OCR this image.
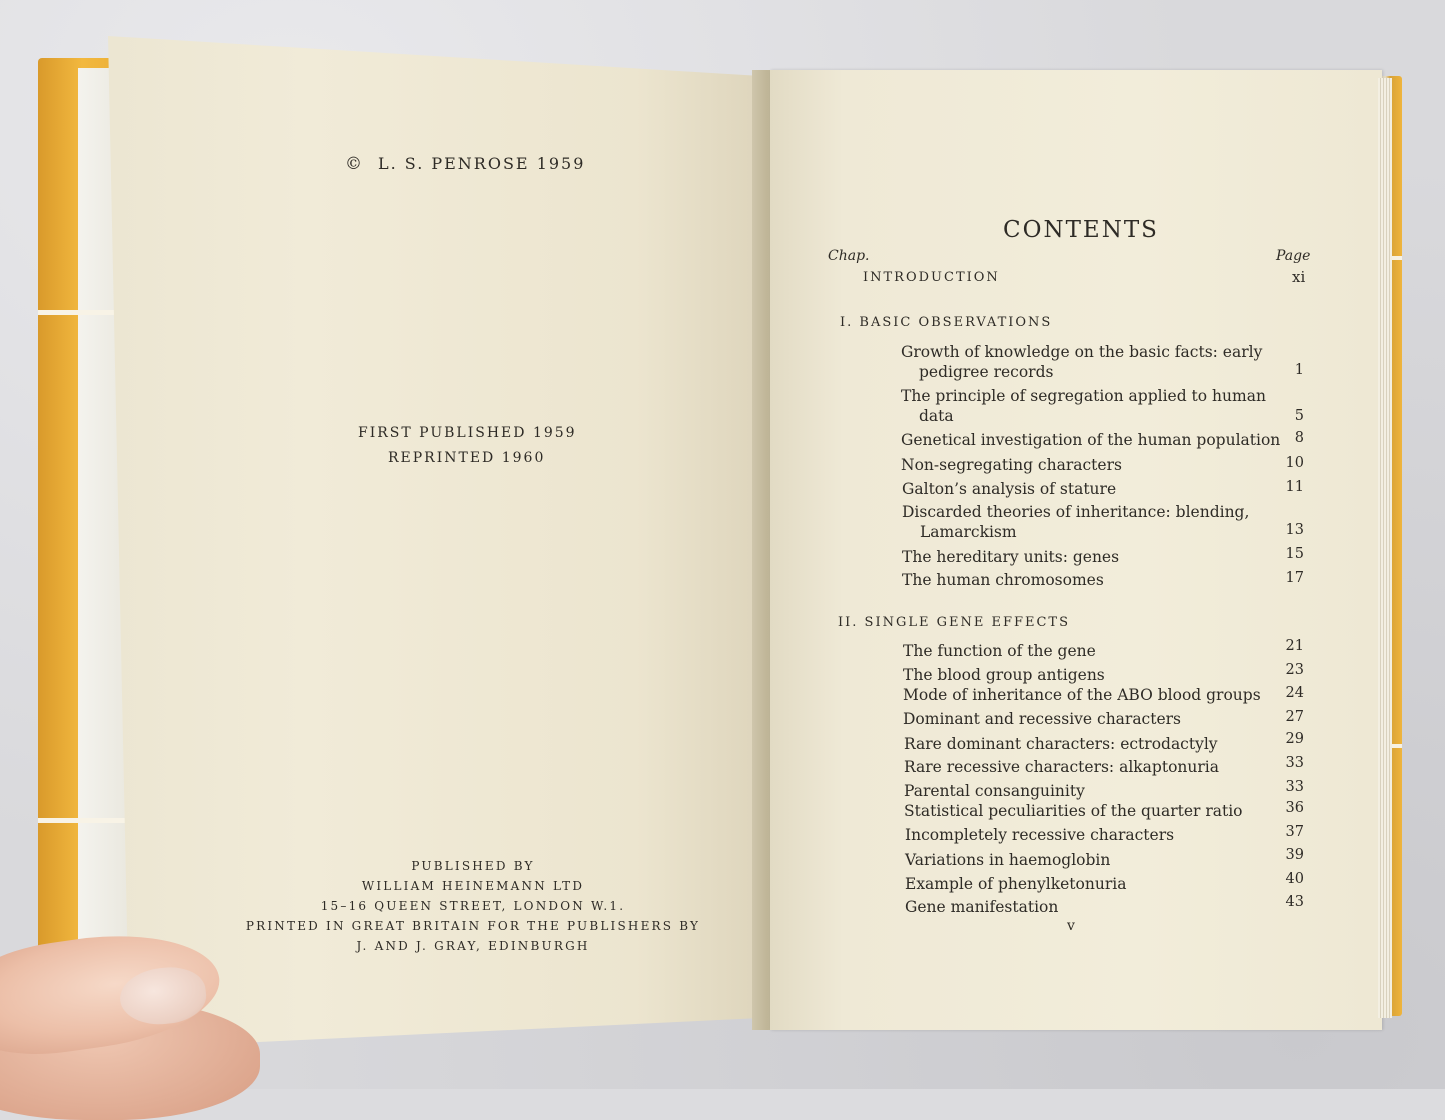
© L. S. PENROSE 1959
FIRST PUBLISHED 1959
REPRINTED 1960
PUBLISHED BY
WILLIAM HEINEMANN LTD
15–16 QUEEN STREET, LONDON W.1.
PRINTED IN GREAT BRITAIN FOR THE PUBLISHERS BY
J. AND J. GRAY, EDINBURGH
CONTENTS
Chap.	Page
INTRODUCTION	xi
I. BASIC OBSERVATIONS
Growth of knowledge on the basic facts: early
pedigree records	1
The principle of segregation applied to human
data	5
Genetical investigation of the human population 8
Non-segregating characters	10
Galton’s analysis of stature	11
Discarded theories of inheritance: blending,
Lamarckism	13
The hereditary units: genes	15
The human chromosomes	17
II. SINGLE GENE EFFECTS
The function of the gene	21
The blood group antigens	23
Mode of inheritance of the ABO blood groups	24
Dominant and recessive characters	27
Rare dominant characters: ectrodactyly	29
Rare recessive characters: alkaptonuria	33
Parental consanguinity	33
Statistical peculiarities of the quarter ratio	36
Incompletely recessive characters	37
Variations in haemoglobin	39
Example of phenylketonuria	40
Gene manifestation	43
v
